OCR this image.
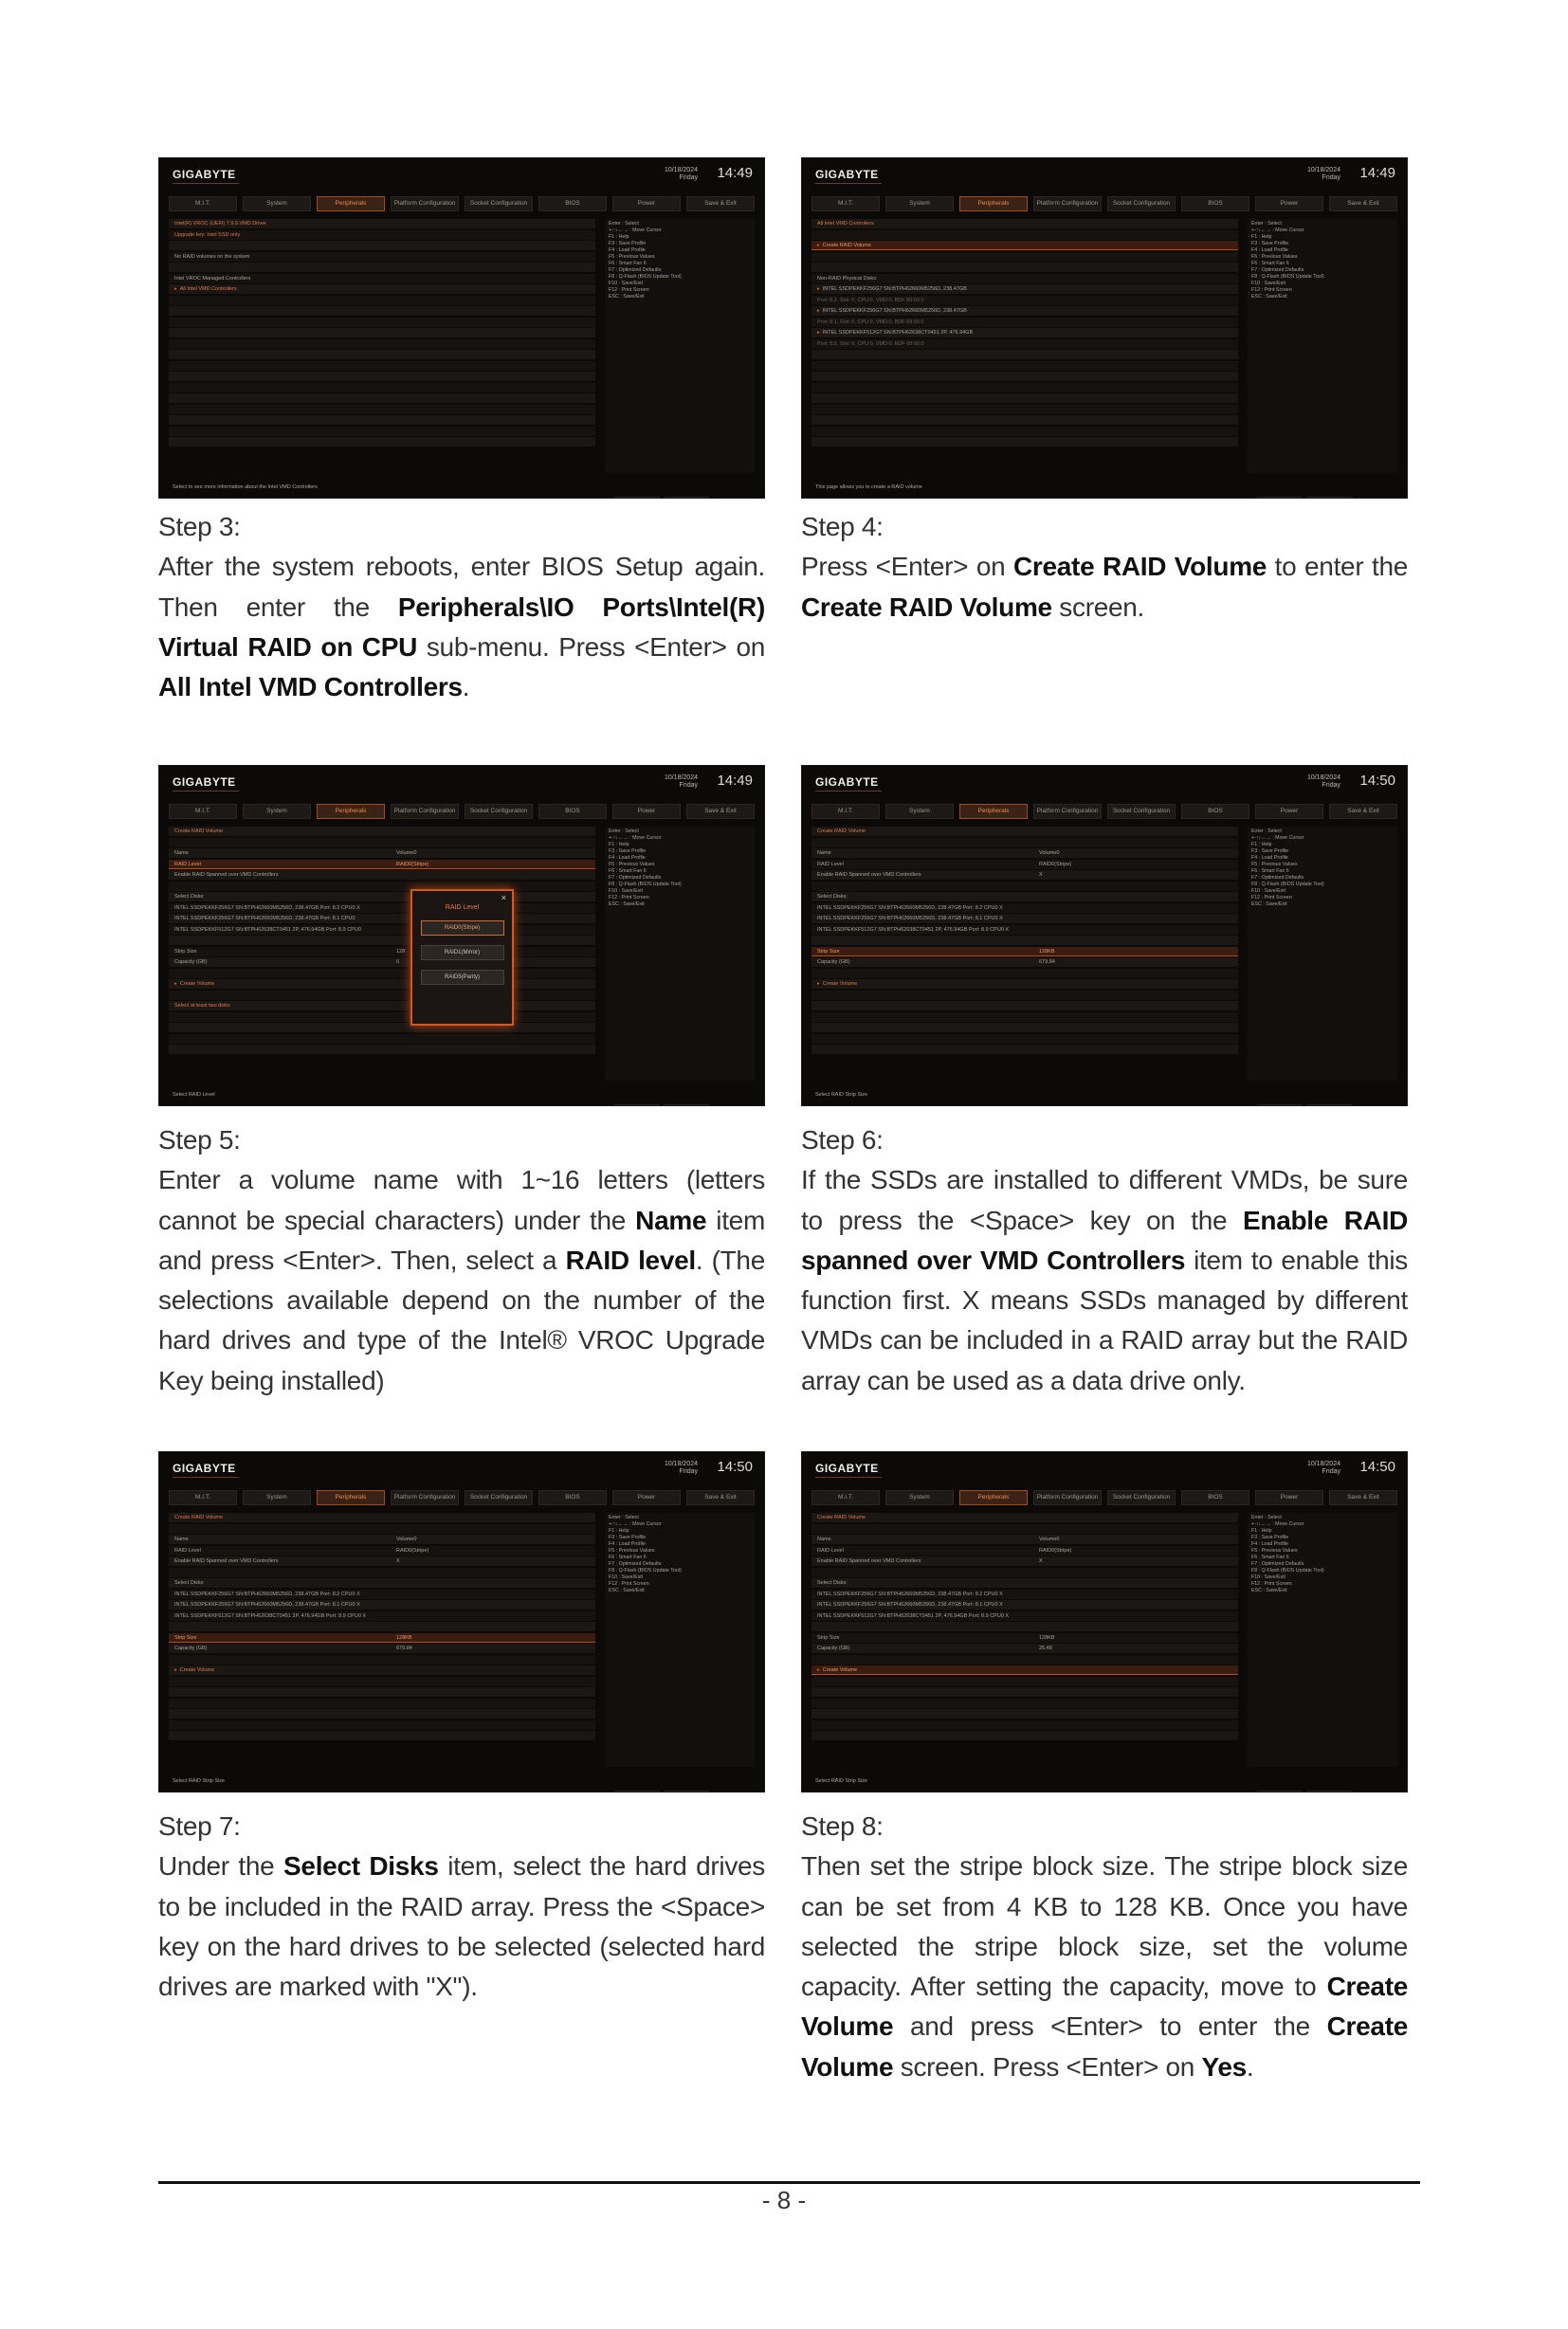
GIGABYTE	10/18/2024
Friday 14:49
M.I.T.	System	Peripherals	Platform Configuration	Socket Configuration	BIOS	Power	Save & Exit
Intel(R) VROC (UEFI) 7.9.9.VMD Driver
Upgrade key: Intel SSD only
No RAID volumes on the system
Intel VROC Managed Controllers
▸ All Intel VMD Controllers
Enter : Select
+-↑↓←→ : Move Cursor
F1 : Help
F3 : Save Profile
F4 : Load Profile
F5 : Previous Values
F6 : Smart Fan 6
F7 : Optimized Defaults
F8 : Q-Flash (BIOS Update Tool)
F10 : Save/Exit
F12 : Print Screen
ESC : Save/Exit
Select to see more information about the Intel VMD Controllers
GIGABYTE	10/18/2024
Friday 14:49
M.I.T.	System	Peripherals	Platform Configuration	Socket Configuration	BIOS	Power	Save & Exit
All Intel VMD Controllers
▸ Create RAID Volume
Non-RAID Physical Disks:
▸ INTEL SSDPEKKF256G7 SN:BTPH62660M5256D, 238.47GB
Port: 8.2, Slot: 0, CPU:0, VMD:0, BDF 80:00.0
▸ INTEL SSDPEKKF256G7 SN:BTPH62660M5256D, 238.47GB
Port: 8.1, Slot: 0, CPU:0, VMD:0, BDF 09:00.0
▸ INTEL SSDPEKKF512G7 SN:BTPH62638CT0451 2P, 476.94GB
Port: 8.6, Slot: 0, CPU:0, VMD:0, BDF 00:00.0
Enter : Select
+-↑↓←→ : Move Cursor
F1 : Help
F3 : Save Profile
F4 : Load Profile
F5 : Previous Values
F6 : Smart Fan 6
F7 : Optimized Defaults
F8 : Q-Flash (BIOS Update Tool)
F10 : Save/Exit
F12 : Print Screen
ESC : Save/Exit
This page allows you to create a RAID volume
GIGABYTE	10/18/2024
Friday 14:49
M.I.T.	System	Peripherals	Platform Configuration	Socket Configuration	BIOS	Power	Save & Exit
Create RAID Volume
Name	Volume0
RAID Level	RAID0(Stripe)
Enable RAID Spanned over VMD Controllers
Select Disks:
INTEL SSDPEKKF256G7 SN:BTPH62660M5256D, 238.47GB Port: 8.2 CPU0 X
INTEL SSDPEKKF256G7 SN:BTPH62660M5256D, 238.47GB Port: 8.1 CPU0
INTEL SSDPEKKF512G7 SN:BTPH62638CT0451 2P, 476.94GB Port: 8.9 CPU0
Strip Size	128
Capacity (GB)	0
▸ Create Volume
Select at least two disks
Enter : Select
+-↑↓←→ : Move Cursor
F1 : Help
F3 : Save Profile
F4 : Load Profile
F5 : Previous Values
F6 : Smart Fan 6
F7 : Optimized Defaults
F8 : Q-Flash (BIOS Update Tool)
F10 : Save/Exit
F12 : Print Screen
ESC : Save/Exit
Select RAID Level
×
RAID Level
RAID0(Stripe)
RAID1(Mirror)
RAID5(Parity)
GIGABYTE	10/18/2024
Friday 14:50
M.I.T.	System	Peripherals	Platform Configuration	Socket Configuration	BIOS	Power	Save & Exit
Create RAID Volume
Name	Volume0
RAID Level	RAID0(Stripe)
Enable RAID Spanned over VMD Controllers	X
Select Disks:
INTEL SSDPEKKF256G7 SN:BTPH62660M5256D, 238.47GB Port: 8.2 CPU0 X
INTEL SSDPEKKF256G7 SN:BTPH62660M5256D, 238.47GB Port: 8.1 CPU0 X
INTEL SSDPEKKF512G7 SN:BTPH62638CT0451 2P, 476.94GB Port: 8.9 CPU0 X
Strip Size	128KB
Capacity (GB)	679.84
▸ Create Volume
Enter : Select
+-↑↓←→ : Move Cursor
F1 : Help
F3 : Save Profile
F4 : Load Profile
F5 : Previous Values
F6 : Smart Fan 6
F7 : Optimized Defaults
F8 : Q-Flash (BIOS Update Tool)
F10 : Save/Exit
F12 : Print Screen
ESC : Save/Exit
Select RAID Strip Size
GIGABYTE	10/18/2024
Friday 14:50
M.I.T.	System	Peripherals	Platform Configuration	Socket Configuration	BIOS	Power	Save & Exit
Create RAID Volume
Name	Volume0
RAID Level	RAID0(Stripe)
Enable RAID Spanned over VMD Controllers	X
Select Disks:
INTEL SSDPEKKF256G7 SN:BTPH62660M5256D, 238.47GB Port: 8.2 CPU0 X
INTEL SSDPEKKF256G7 SN:BTPH62660M5256D, 238.47GB Port: 8.1 CPU0 X
INTEL SSDPEKKF512G7 SN:BTPH62638CT0451 2P, 476.94GB Port: 8.9 CPU0 X
Strip Size	128KB
Capacity (GB)	679.84
▸ Create Volume
Enter : Select
+-↑↓←→ : Move Cursor
F1 : Help
F3 : Save Profile
F4 : Load Profile
F5 : Previous Values
F6 : Smart Fan 6
F7 : Optimized Defaults
F8 : Q-Flash (BIOS Update Tool)
F10 : Save/Exit
F12 : Print Screen
ESC : Save/Exit
Select RAID Strip Size
GIGABYTE	10/18/2024
Friday 14:50
M.I.T.	System	Peripherals	Platform Configuration	Socket Configuration	BIOS	Power	Save & Exit
Create RAID Volume
Name	Volume0
RAID Level	RAID0(Stripe)
Enable RAID Spanned over VMD Controllers	X
Select Disks:
INTEL SSDPEKKF256G7 SN:BTPH62660M5256D, 238.47GB Port: 8.2 CPU0 X
INTEL SSDPEKKF256G7 SN:BTPH62660M5256D, 238.47GB Port: 8.1 CPU0 X
INTEL SSDPEKKF512G7 SN:BTPH62638CT0451 2P, 476.94GB Port: 8.9 CPU0 X
Strip Size	128KB
Capacity (GB)	25.48
▸ Create Volume
Enter : Select
+-↑↓←→ : Move Cursor
F1 : Help
F3 : Save Profile
F4 : Load Profile
F5 : Previous Values
F6 : Smart Fan 6
F7 : Optimized Defaults
F8 : Q-Flash (BIOS Update Tool)
F10 : Save/Exit
F12 : Print Screen
ESC : Save/Exit
Select RAID Strip Size

Step 3:

After the system reboots, enter BIOS Setup again. Then enter the Peripherals\IO Ports\Intel(R) Virtual RAID on CPU sub-menu. Press <Enter> on All Intel VMD Controllers.

Step 4:

Press <Enter> on Create RAID Volume to enter the Create RAID Volume screen.

Step 5:

Enter a volume name with 1~16 letters (letters cannot be special characters) under the Name item and press <Enter>. Then, select a RAID level. (The selections available depend on the number of the hard drives and type of the Intel® VROC Upgrade Key being installed)

Step 6:

If the SSDs are installed to different VMDs, be sure to press the <Space> key on the Enable RAID spanned over VMD Controllers item to enable this function first. X means SSDs managed by different VMDs can be included in a RAID array but the RAID array can be used as a data drive only.

Step 7:

Under the Select Disks item, select the hard drives to be included in the RAID array. Press the <Space> key on the hard drives to be selected (selected hard drives are marked with "X").

Step 8:

Then set the stripe block size. The stripe block size can be set from 4 KB to 128 KB. Once you have selected the stripe block size, set the volume capacity. After setting the capacity, move to Create Volume and press <Enter> to enter the Create Volume screen. Press <Enter> on Yes.

- 8 -
